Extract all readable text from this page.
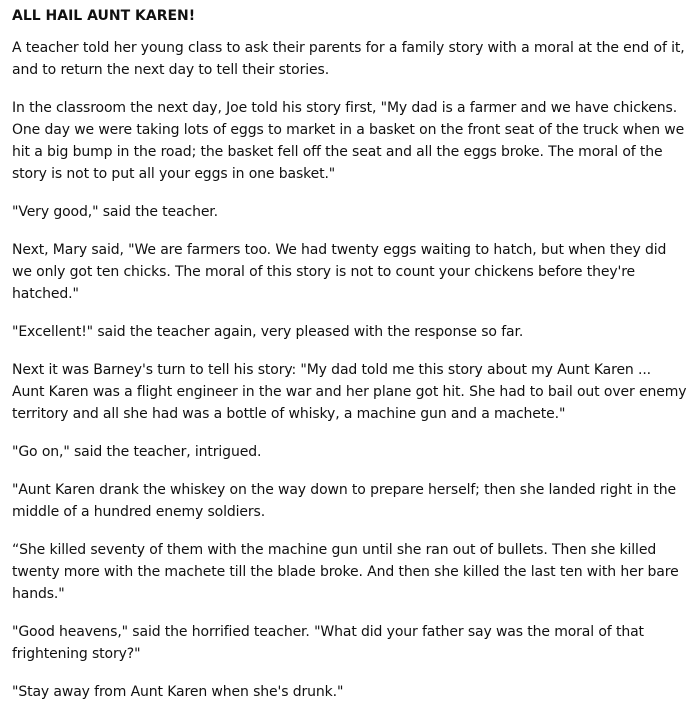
ALL HAIL AUNT KAREN!

A teacher told her young class to ask their parents for a family story with a moral at the end of it, and to return the next day to tell their stories.

In the classroom the next day, Joe told his story first, "My dad is a farmer and we have chickens. One day we were taking lots of eggs to market in a basket on the front seat of the truck when we hit a big bump in the road; the basket fell off the seat and all the eggs broke. The moral of the story is not to put all your eggs in one basket."

"Very good," said the teacher.

Next, Mary said, "We are farmers too. We had twenty eggs waiting to hatch, but when they did we only got ten chicks. The moral of this story is not to count your chickens before they're hatched."

"Excellent!" said the teacher again, very pleased with the response so far.

Next it was Barney's turn to tell his story: "My dad told me this story about my Aunt Karen ... Aunt Karen was a flight engineer in the war and her plane got hit. She had to bail out over enemy territory and all she had was a bottle of whisky, a machine gun and a machete."

"Go on," said the teacher, intrigued.

"Aunt Karen drank the whiskey on the way down to prepare herself; then she landed right in the middle of a hundred enemy soldiers.

“She killed seventy of them with the machine gun until she ran out of bullets. Then she killed twenty more with the machete till the blade broke. And then she killed the last ten with her bare hands."

"Good heavens," said the horrified teacher. "What did your father say was the moral of that frightening story?"

"Stay away from Aunt Karen when she's drunk."
